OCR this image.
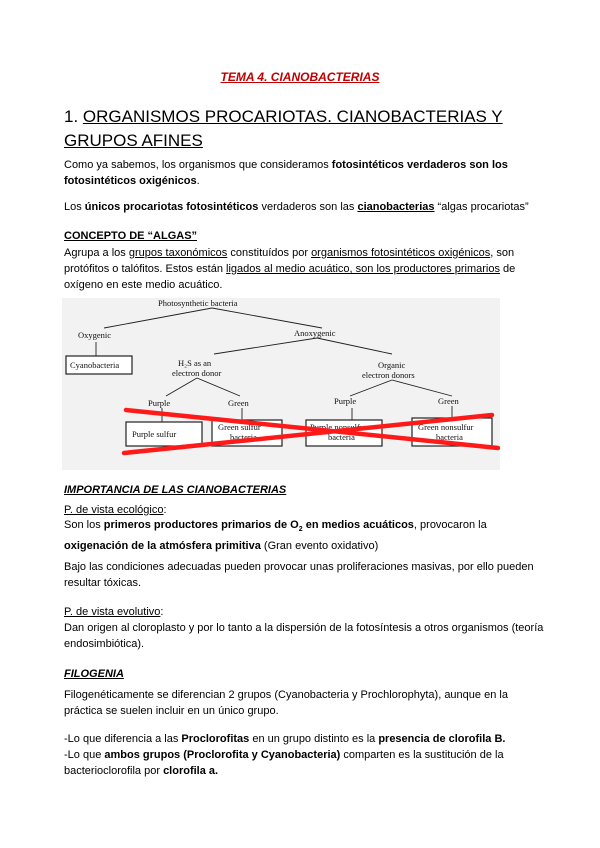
TEMA 4. CIANOBACTERIAS
1. ORGANISMOS PROCARIOTAS. CIANOBACTERIAS Y GRUPOS AFINES
Como ya sabemos, los organismos que consideramos fotosintéticos verdaderos son los fotosintéticos oxigénicos.
Los únicos procariotas fotosintéticos verdaderos son las cianobacterias “algas procariotas”
CONCEPTO DE “ALGAS”
Agrupa a los grupos taxonómicos constituídos por organismos fotosintéticos oxigénicos, son protófitos o talófitos. Estos están ligados al medio acuático, son los productores primarios de oxígeno en este medio acuático.
Photosynthetic bacteria
Oxygenic	Anoxygenic
Cyanobacteria	H₂S as an
electron donor
Organic
electron donors
Purple	Green	Purple	Green
Purple sulfur
Green sulfur
bacteria
Purple nonsulfur
bacteria
Green nonsulfur
bacteria
IMPORTANCIA DE LAS CIANOBACTERIAS
P. de vista ecológico:
Son los primeros productores primarios de $O_2$ en medios acuáticos, provocaron la oxigenación de la atmósfera primitiva (Gran evento oxidativo)
Bajo las condiciones adecuadas pueden provocar unas proliferaciones masivas, por ello pueden resultar tóxicas.
P. de vista evolutivo:
Dan origen al cloroplasto y por lo tanto a la dispersión de la fotosíntesis a otros organismos (teoría endosimbiótica).
FILOGENIA
Filogenéticamente se diferencian 2 grupos (Cyanobacteria y Prochlorophyta), aunque en la práctica se suelen incluir en un único grupo.
-Lo que diferencia a las Proclorofitas en un grupo distinto es la presencia de clorofila B.
-Lo que ambos grupos (Proclorofita y Cyanobacteria) comparten es la sustitución de la bacterioclorofila por clorofila a.
